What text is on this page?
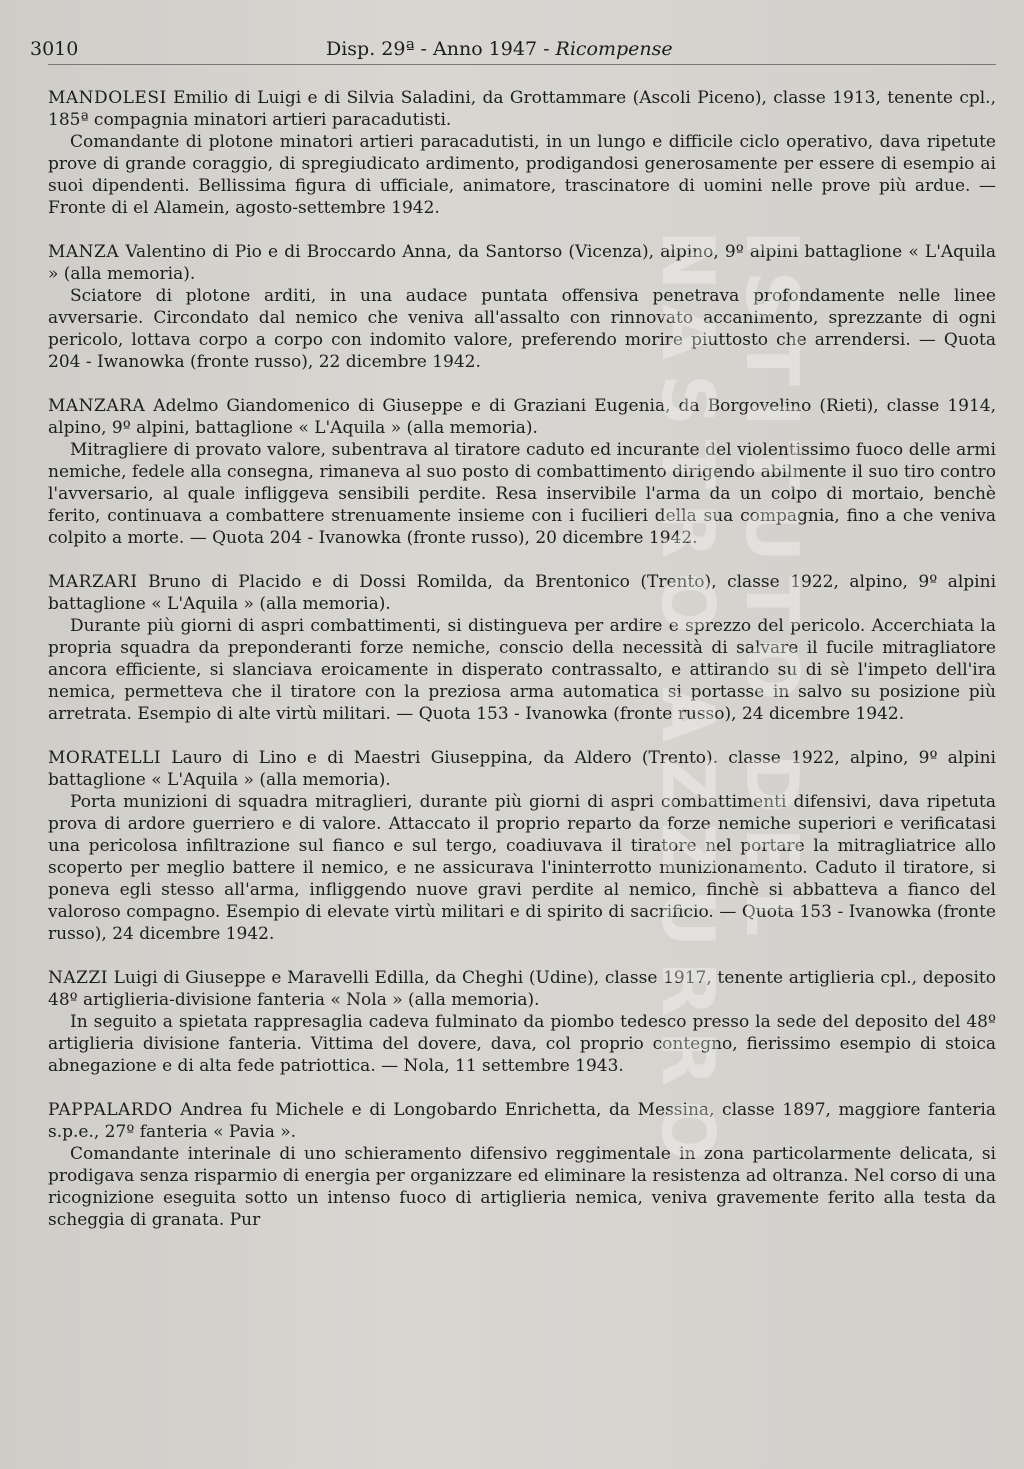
3010	Disp. 29ª - Anno 1947 - Ricompense

MANDOLESI Emilio di Luigi e di Silvia Saladini, da Grottammare (Ascoli Piceno), classe 1913, tenente cpl., 185ª compagnia minatori artieri paracadutisti.

Comandante di plotone minatori artieri paracadutisti, in un lungo e difficile ciclo operativo, dava ripetute prove di grande coraggio, di spregiudicato ardimento, prodigandosi generosamente per essere di esempio ai suoi dipendenti. Bellissima figura di ufficiale, animatore, trascinatore di uomini nelle prove più ardue. — Fronte di el Alamein, agosto-settembre 1942.

MANZA Valentino di Pio e di Broccardo Anna, da Santorso (Vicenza), alpino, 9º alpini battaglione « L'Aquila » (alla memoria).

Sciatore di plotone arditi, in una audace puntata offensiva penetrava profondamente nelle linee avversarie. Circondato dal nemico che veniva all'assalto con rinnovato accanimento, sprezzante di ogni pericolo, lottava corpo a corpo con indomito valore, preferendo morire piuttosto che arrendersi. — Quota 204 - Iwanowka (fronte russo), 22 dicembre 1942.

MANZARA Adelmo Giandomenico di Giuseppe e di Graziani Eugenia, da Borgovelino (Rieti), classe 1914, alpino, 9º alpini, battaglione « L'Aquila » (alla memoria).

Mitragliere di provato valore, subentrava al tiratore caduto ed incurante del violentissimo fuoco delle armi nemiche, fedele alla consegna, rimaneva al suo posto di combattimento dirigendo abilmente il suo tiro contro l'avversario, al quale infliggeva sensibili perdite. Resa inservibile l'arma da un colpo di mortaio, benchè ferito, continuava a combattere strenuamente insieme con i fucilieri della sua compagnia, fino a che veniva colpito a morte. — Quota 204 - Ivanowka (fronte russo), 20 dicembre 1942.

MARZARI Bruno di Placido e di Dossi Romilda, da Brentonico (Trento), classe 1922, alpino, 9º alpini battaglione « L'Aquila » (alla memoria).

Durante più giorni di aspri combattimenti, si distingueva per ardire e sprezzo del pericolo. Accerchiata la propria squadra da preponderanti forze nemiche, conscio della necessità di salvare il fucile mitragliatore ancora efficiente, si slanciava eroicamente in disperato contrassalto, e attirando su di sè l'impeto dell'ira nemica, permetteva che il tiratore con la preziosa arma automatica si portasse in salvo su posizione più arretrata. Esempio di alte virtù militari. — Quota 153 - Ivanowka (fronte russo), 24 dicembre 1942.

MORATELLI Lauro di Lino e di Maestri Giuseppina, da Aldero (Trento). classe 1922, alpino, 9º alpini battaglione « L'Aquila » (alla memoria).

Porta munizioni di squadra mitraglieri, durante più giorni di aspri combattimenti difensivi, dava ripetuta prova di ardore guerriero e di valore. Attaccato il proprio reparto da forze nemiche superiori e verificatasi una pericolosa infiltrazione sul fianco e sul tergo, coadiuvava il tiratore nel portare la mitragliatrice allo scoperto per meglio battere il nemico, e ne assicurava l'ininterrotto munizionamento. Caduto il tiratore, si poneva egli stesso all'arma, infliggendo nuove gravi perdite al nemico, finchè si abbatteva a fianco del valoroso compagno. Esempio di elevate virtù militari e di spirito di sacrificio. — Quota 153 - Ivanowka (fronte russo), 24 dicembre 1942.

NAZZI Luigi di Giuseppe e Maravelli Edilla, da Cheghi (Udine), classe 1917, tenente artiglieria cpl., deposito 48º artiglieria-divisione fanteria « Nola » (alla memoria).

In seguito a spietata rappresaglia cadeva fulminato da piombo tedesco presso la sede del deposito del 48º artiglieria divisione fanteria. Vittima del dovere, dava, col proprio contegno, fierissimo esempio di stoica abnegazione e di alta fede patriottica. — Nola, 11 settembre 1943.

PAPPALARDO Andrea fu Michele e di Longobardo Enrichetta, da Messina, classe 1897, maggiore fanteria s.p.e., 27º fanteria « Pavia ».

Comandante interinale di uno schieramento difensivo reggimentale in zona particolarmente delicata, si prodigava senza risparmio di energia per organizzare ed eliminare la resistenza ad oltranza. Nel corso di una ricognizione eseguita sotto un intenso fuoco di artiglieria nemica, veniva gravemente ferito alla testa da scheggia di granata. Pur

ISTITUTO DEL NASTRO AZZURRO
